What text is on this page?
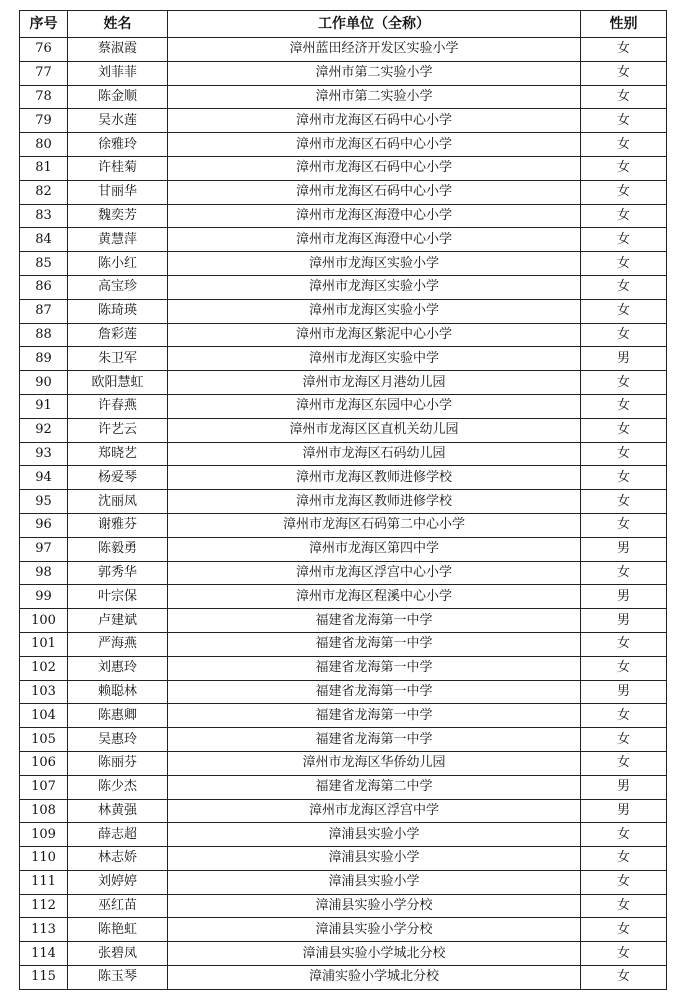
序号	姓名	工作单位（全称）	性别
76	蔡淑霞	漳州蓝田经济开发区实验小学	女
77	刘菲菲	漳州市第二实验小学	女
78	陈金顺	漳州市第二实验小学	女
79	吴水莲	漳州市龙海区石码中心小学	女
80	徐雅玲	漳州市龙海区石码中心小学	女
81	许桂菊	漳州市龙海区石码中心小学	女
82	甘丽华	漳州市龙海区石码中心小学	女
83	魏奕芳	漳州市龙海区海澄中心小学	女
84	黄慧萍	漳州市龙海区海澄中心小学	女
85	陈小红	漳州市龙海区实验小学	女
86	高宝珍	漳州市龙海区实验小学	女
87	陈琦瑛	漳州市龙海区实验小学	女
88	詹彩莲	漳州市龙海区紫泥中心小学	女
89	朱卫军	漳州市龙海区实验中学	男
90	欧阳慧虹	漳州市龙海区月港幼儿园	女
91	许春燕	漳州市龙海区东园中心小学	女
92	许艺云	漳州市龙海区区直机关幼儿园	女
93	郑晓艺	漳州市龙海区石码幼儿园	女
94	杨爱琴	漳州市龙海区教师进修学校	女
95	沈丽凤	漳州市龙海区教师进修学校	女
96	谢雅芬	漳州市龙海区石码第二中心小学	女
97	陈毅勇	漳州市龙海区第四中学	男
98	郭秀华	漳州市龙海区浮宫中心小学	女
99	叶宗保	漳州市龙海区程溪中心小学	男
100	卢建斌	福建省龙海第一中学	男
101	严海燕	福建省龙海第一中学	女
102	刘惠玲	福建省龙海第一中学	女
103	赖聪林	福建省龙海第一中学	男
104	陈惠卿	福建省龙海第一中学	女
105	吴惠玲	福建省龙海第一中学	女
106	陈丽芬	漳州市龙海区华侨幼儿园	女
107	陈少杰	福建省龙海第二中学	男
108	林黄强	漳州市龙海区浮宫中学	男
109	薛志超	漳浦县实验小学	女
110	林志娇	漳浦县实验小学	女
111	刘婷婷	漳浦县实验小学	女
112	巫红苗	漳浦县实验小学分校	女
113	陈艳虹	漳浦县实验小学分校	女
114	张碧凤	漳浦县实验小学城北分校	女
115	陈玉琴	漳浦实验小学城北分校	女
